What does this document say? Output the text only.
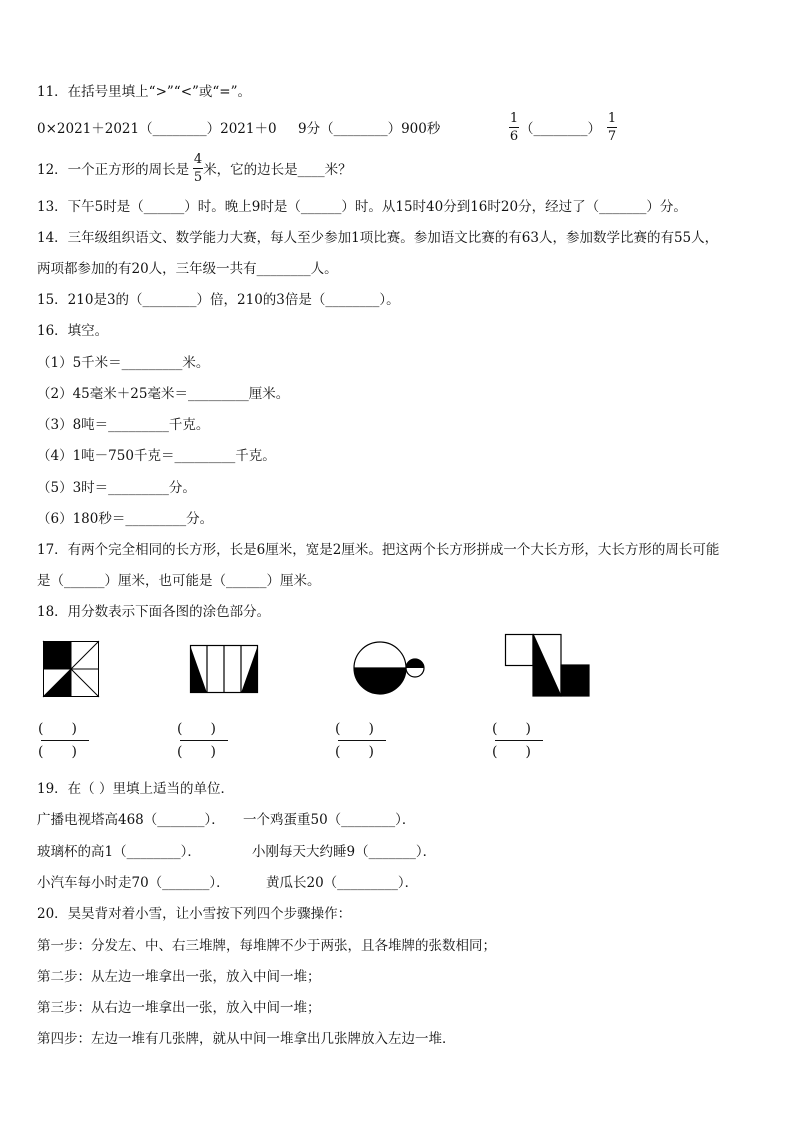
11．在括号里填上“>”“<”或“=”。
0×2021＋2021（________）2021＋0 9分（________）900秒
1
6 （________）
1
7
12．一个正方形的周长是 米，它的边长是____米？
4
5
13．下午5时是（______）时。晚上9时是（______）时。从15时40分到16时20分，经过了（_______）分。
14．三年级组织语文、数学能力大赛，每人至少参加1项比赛。参加语文比赛的有63人，参加数学比赛的有55人，
两项都参加的有20人，三年级一共有________人。
15．210是3的（________）倍，210的3倍是（________）。
16．填空。
（1）5千米＝_________米。
（2）45毫米＋25毫米＝_________厘米。
（3）8吨＝_________千克。
（4）1吨－750千克＝_________千克。
（5）3时＝_________分。
（6）180秒＝_________分。
17．有两个完全相同的长方形，长是6厘米，宽是2厘米。把这两个长方形拼成一个大长方形，大长方形的周长可能
是（______）厘米，也可能是（______）厘米。
18．用分数表示下面各图的涂色部分。
(　　)
(　　)
(　　)
(　　)
(　　)
(　　)
(　　)
(　　)
19．在（ ）里填上适当的单位．
广播电视塔高468（_______）． 一个鸡蛋重50（________）．
玻璃杯的高1（________）．	小刚每天大约睡9（_______）．
小汽车每小时走70（_______）．	黄瓜长20（_________）．
20．昊昊背对着小雪，让小雪按下列四个步骤操作：
第一步：分发左、中、右三堆牌，每堆牌不少于两张，且各堆牌的张数相同；
第二步：从左边一堆拿出一张，放入中间一堆；
第三步：从右边一堆拿出一张，放入中间一堆；
第四步：左边一堆有几张牌，就从中间一堆拿出几张牌放入左边一堆．
